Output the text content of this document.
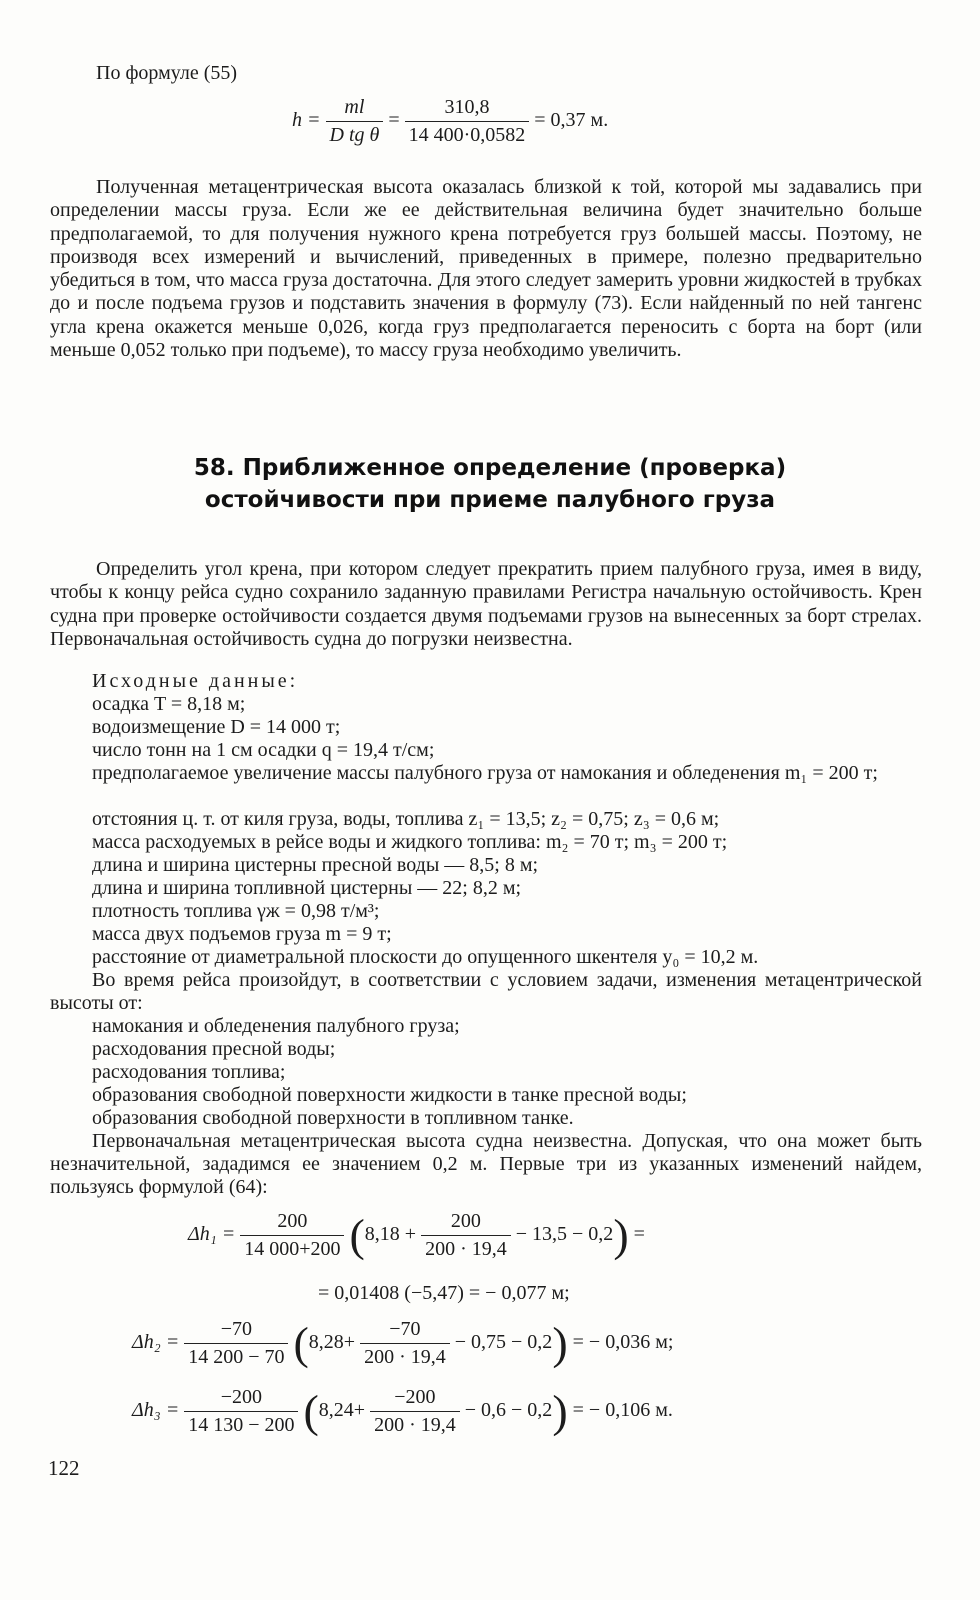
По формуле (55)
$h = \frac{ml}{\text{D tg θ}} = \frac{310,8}{14 400\cdot 0,0582} = 0,37$ м.

Полученная метацентрическая высота оказалась близкой к той, которой мы задавались при определении массы груза. Если же ее действительная величина будет значительно больше предполагаемой, то для получения нужного крена потребуется груз большей массы. Поэтому, не производя всех измерений и вычислений, приведенных в примере, полезно предварительно убедиться в том, что масса груза достаточна. Для этого следует замерить уровни жидкостей в трубках до и после подъема грузов и подставить значения в формулу (73). Если найденный по ней тангенс угла крена окажется меньше 0,026, когда груз предполагается переносить с борта на борт (или меньше 0,052 только при подъеме), то массу груза необходимо увеличить.

58. Приближенное определение (проверка)
остойчивости при приеме палубного груза

Определить угол крена, при котором следует прекратить прием палубного груза, имея в виду, чтобы к концу рейса судно сохранило заданную правилами Регистра начальную остойчивость. Крен судна при проверке остойчивости создается двумя подъемами грузов на вынесенных за борт стрелах. Первоначальная остойчивость судна до погрузки неизвестна.

Исходные данные:
осадка T = 8,18 м;
водоизмещение D = 14 000 т;
число тонн на 1 см осадки q = 19,4 т/см;

предполагаемое увеличение массы палубного груза от намокания и обледенения m₁ = 200 т;

отстояния ц. т. от киля груза, воды, топлива z₁ = 13,5; z₂ = 0,75; z₃ = 0,6 м;
масса расходуемых в рейсе воды и жидкого топлива: m₂ = 70 т; m₃ = 200 т;
длина и ширина цистерны пресной воды — 8,5; 8 м;
длина и ширина топливной цистерны — 22; 8,2 м;
плотность топлива γж = 0,98 т/м³;
масса двух подъемов груза m = 9 т;
расстояние от диаметральной плоскости до опущенного шкентеля y₀ = 10,2 м.

Во время рейса произойдут, в соответствии с условием задачи, изменения метацентрической высоты от:

намокания и обледенения палубного груза;
расходования пресной воды;
расходования топлива;
образования свободной поверхности жидкости в танке пресной воды;
образования свободной поверхности в топливном танке.

Первоначальная метацентрическая высота судна неизвестна. Допуская, что она может быть незначительной, зададимся ее значением 0,2 м. Первые три из указанных изменений найдем, пользуясь формулой (64):

$\Delta h_1 = \frac{200}{14 000+200} (8,18 + \frac{200}{200 \cdot 19,4} - 13,5 - 0,2)$ =
= 0,01408 (−5,47) = − 0,077 м;
$\Delta h_2 = \frac{-70}{14 200 - 70} (8,28+ \frac{-70}{200 \cdot 19,4} - 0,75 - 0,2)$ = − 0,036 м;
$\Delta h_3 = \frac{-200}{14 130 - 200} (8,24+ \frac{-200}{200 \cdot 19,4} - 0,6 - 0,2)$ = − 0,106 м.
122
